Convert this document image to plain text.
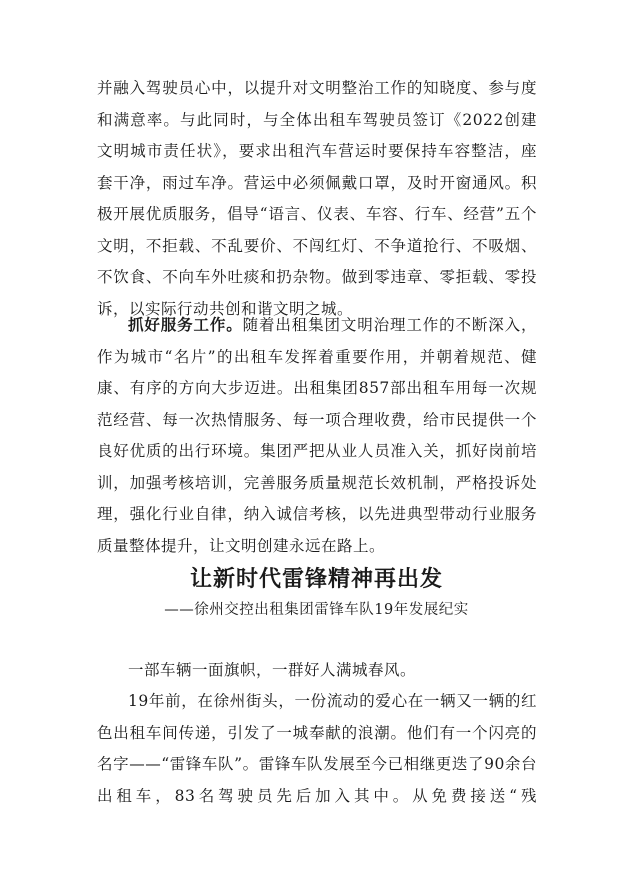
并融入驾驶员心中，以提升对文明整治工作的知晓度、参与度和满意率。与此同时，与全体出租车驾驶员签订《2022创建文明城市责任状》，要求出租汽车营运时要保持车容整洁，座套干净，雨过车净。营运中必须佩戴口罩，及时开窗通风。积极开展优质服务，倡导“语言、仪表、车容、行车、经营”五个文明，不拒载、不乱要价、不闯红灯、不争道抢行、不吸烟、不饮食、不向车外吐痰和扔杂物。做到零违章、零拒载、零投诉，以实际行动共创和谐文明之城。

抓好服务工作。随着出租集团文明治理工作的不断深入，作为城市“名片”的出租车发挥着重要作用，并朝着规范、健康、有序的方向大步迈进。出租集团857部出租车用每一次规范经营、每一次热情服务、每一项合理收费，给市民提供一个良好优质的出行环境。集团严把从业人员准入关，抓好岗前培训，加强考核培训，完善服务质量规范长效机制，严格投诉处理，强化行业自律，纳入诚信考核，以先进典型带动行业服务质量整体提升，让文明创建永远在路上。

让新时代雷锋精神再出发

——徐州交控出租集团雷锋车队19年发展纪实

一部车辆一面旗帜，一群好人满城春风。

19年前，在徐州街头，一份流动的爱心在一辆又一辆的红色出租车间传递，引发了一城奉献的浪潮。他们有一个闪亮的名字——“雷锋车队”。雷锋车队发展至今已相继更迭了90余台出租车，83名驾驶员先后加入其中。从免费接送“残
